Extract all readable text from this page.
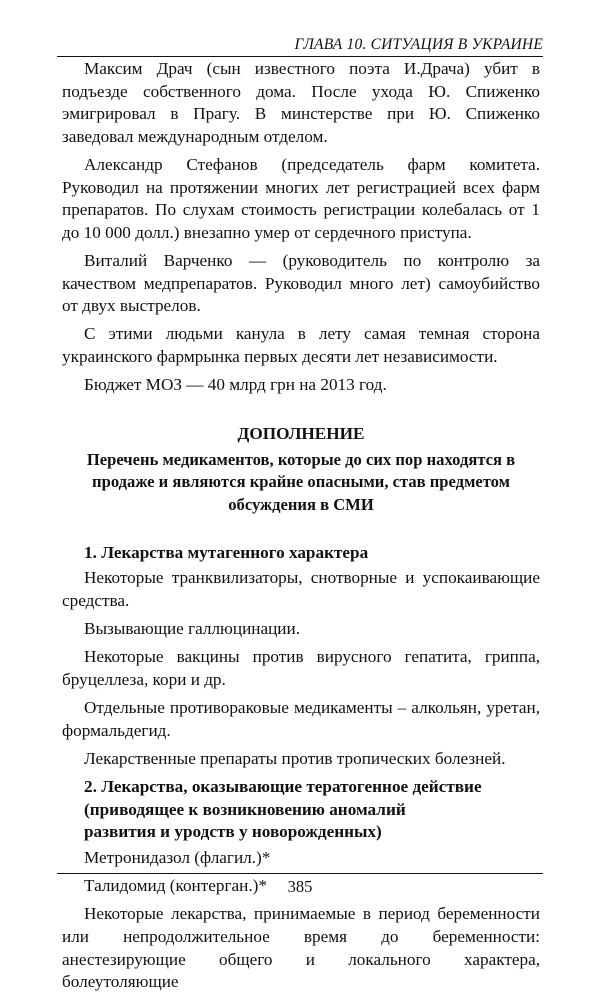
ГЛАВА 10. СИТУАЦИЯ В УКРАИНЕ

Максим Драч (сын известного поэта И.Драча) убит в подъезде собственного дома. После ухода Ю. Спиженко эмигрировал в Прагу. В минстерстве при Ю. Спиженко заведовал международным отделом.

Александр Стефанов (председатель фарм комитета. Руководил на протяжении многих лет регистрацией всех фарм препаратов. По слухам стоимость регистрации колебалась от 1 до 10 000 долл.) внезапно умер от сердечного приступа.

Виталий Варченко — (руководитель по контролю за качеством медпрепаратов. Руководил много лет) самоубийство от двух выстрелов.

С этими людьми канула в лету самая темная сторона украинского фармрынка первых десяти лет независимости.

Бюджет МОЗ — 40 млрд грн на 2013 год.

ДОПОЛНЕНИЕ
Перечень медикаментов, которые до сих пор находятся в продаже и являются крайне опасными, став предметом обсуждения в СМИ
1. Лекарства мутагенного характера

Некоторые транквилизаторы, снотворные и успокаивающие средства.

Вызывающие галлюцинации.

Некоторые вакцины против вирусного гепатита, гриппа, бруцеллеза, кори и др.

Отдельные противораковые медикаменты – алкольян, уретан, формальдегид.

Лекарственные препараты против тропических болезней.

2. Лекарства, оказывающие тератогенное действие
(приводящее к возникновению аномалий
развития и уродств у новорожденных)

Метронидазол (флагил.)*

Талидомид (контерган.)*

Некоторые лекарства, принимаемые в период беременности или непродолжительное время до беременности: анестезирующие общего и локального характера, болеутоляющие

385
